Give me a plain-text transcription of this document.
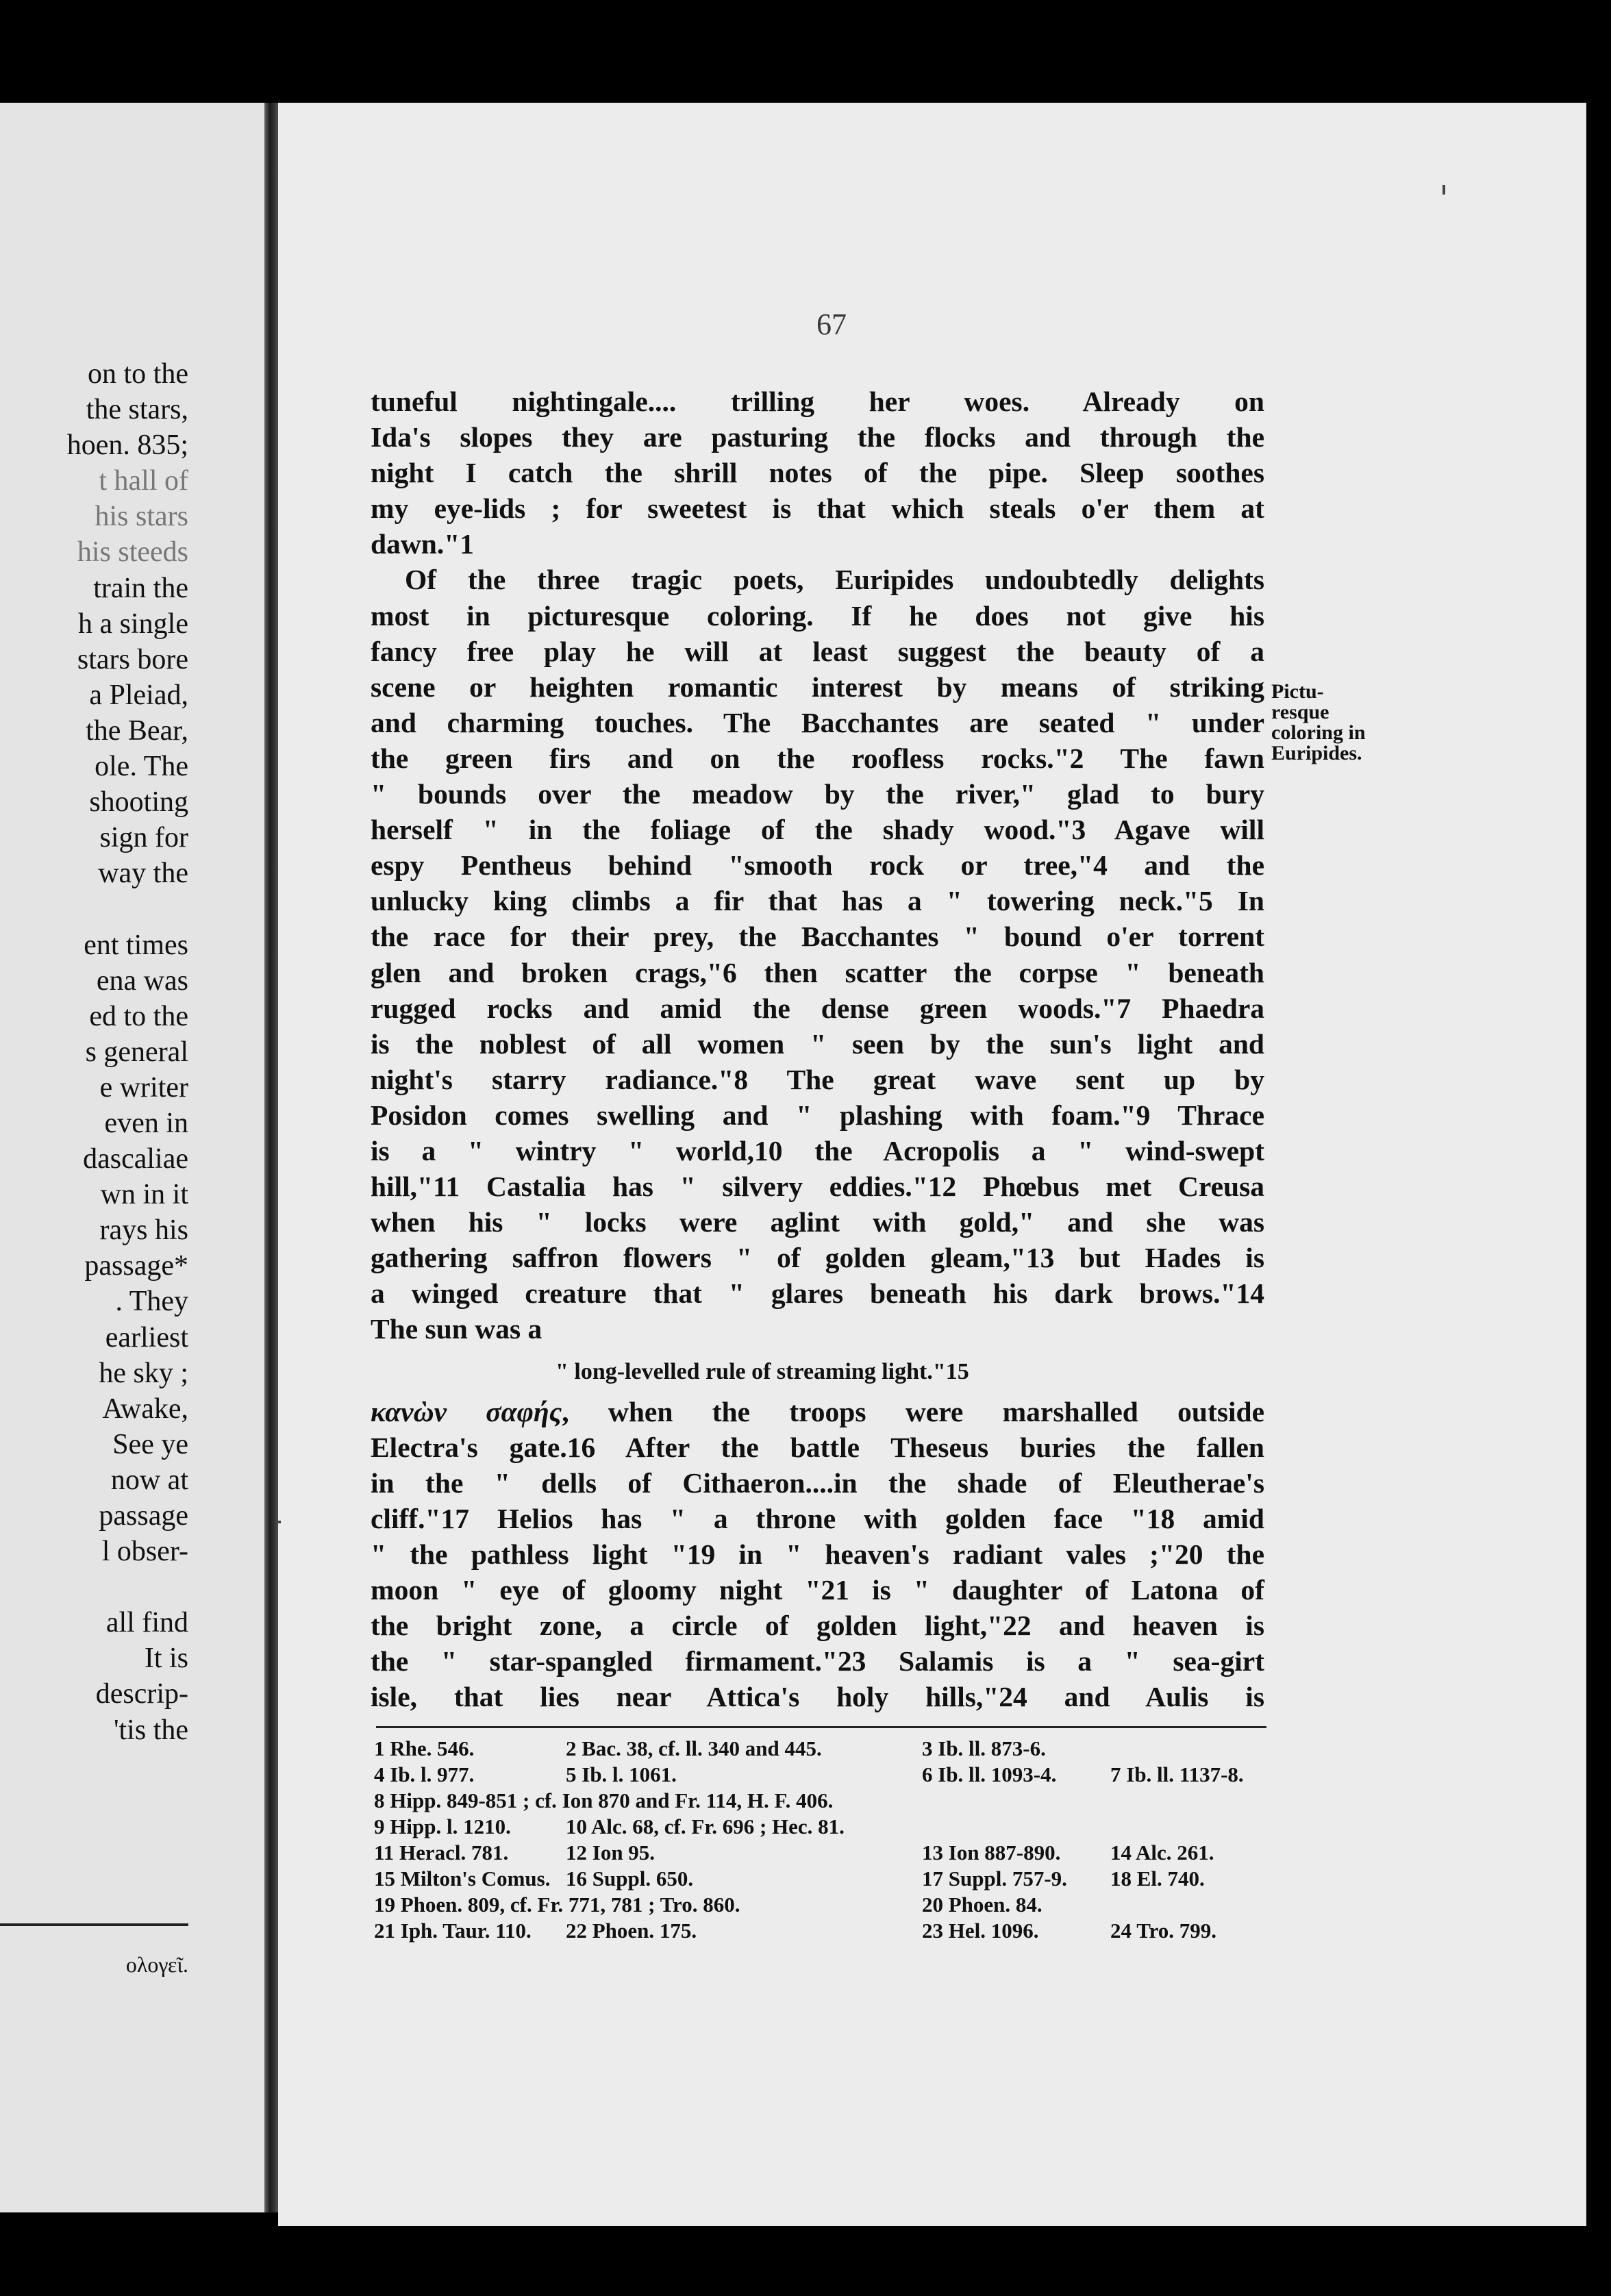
on to the
the stars,
hoen. 835;
t hall of
his stars
his steeds
train the
h a single
stars bore
a Pleiad,
the Bear,
ole. The
shooting
sign for
way the

ent times
ena was
ed to the
s general
e writer
even in
dascaliae
wn in it
rays his
passage*
. They
earliest
he sky ;
Awake,
See ye
now at
passage
l obser-

all find
It is
descrip-
'tis the
ολογεῖ.
67
tuneful nightingale.... trilling her woes. Already on
Ida's slopes they are pasturing the flocks and through the
night I catch the shrill notes of the pipe. Sleep soothes
my eye-lids ; for sweetest is that which steals o'er them at
dawn."1
Of the three tragic poets, Euripides undoubtedly delights
most in picturesque coloring. If he does not give his
fancy free play he will at least suggest the beauty of a
scene or heighten romantic interest by means of striking
and charming touches. The Bacchantes are seated " under
the green firs and on the roofless rocks."2 The fawn
" bounds over the meadow by the river," glad to bury
herself " in the foliage of the shady wood."3 Agave will
espy Pentheus behind "smooth rock or tree,"4 and the
unlucky king climbs a fir that has a " towering neck."5 In
the race for their prey, the Bacchantes " bound o'er torrent
glen and broken crags,"6 then scatter the corpse " beneath
rugged rocks and amid the dense green woods."7 Phaedra
is the noblest of all women " seen by the sun's light and
night's starry radiance."8 The great wave sent up by
Posidon comes swelling and " plashing with foam."9 Thrace
is a " wintry " world,10 the Acropolis a " wind-swept
hill,"11 Castalia has " silvery eddies."12 Phœbus met Creusa
when his " locks were aglint with gold," and she was
gathering saffron flowers " of golden gleam,"13 but Hades is
a winged creature that " glares beneath his dark brows."14
The sun was a
" long-levelled rule of streaming light."15
κανὼν σαφής, when the troops were marshalled outside
Electra's gate.16 After the battle Theseus buries the fallen
in the " dells of Cithaeron....in the shade of Eleutherae's
cliff."17 Helios has " a throne with golden face "18 amid
" the pathless light "19 in " heaven's radiant vales ;"20 the
moon " eye of gloomy night "21 is " daughter of Latona of
the bright zone, a circle of golden light,"22 and heaven is
the " star-spangled firmament."23 Salamis is a " sea-girt
isle, that lies near Attica's holy hills,"24 and Aulis is
Pictu-
resque
coloring in
Euripides.
1 Rhe. 546.	2 Bac. 38, cf. ll. 340 and 445.	3 Ib. ll. 873-6.
4 Ib. l. 977.	5 Ib. l. 1061.	6 Ib. ll. 1093-4.	7 Ib. ll. 1137-8.
8 Hipp. 849-851 ; cf. Ion 870 and Fr. 114, H. F. 406.
9 Hipp. l. 1210.	10 Alc. 68, cf. Fr. 696 ; Hec. 81.
11 Heracl. 781.	12 Ion 95.	13 Ion 887-890. 14 Alc. 261.
15 Milton's Comus. 16 Suppl. 650.	17 Suppl. 757-9. 18 El. 740.
19 Phoen. 809, cf. Fr. 771, 781 ; Tro. 860.	20 Phoen. 84.
21 Iph. Taur. 110. 22 Phoen. 175.	23 Hel. 1096.	24 Tro. 799.
